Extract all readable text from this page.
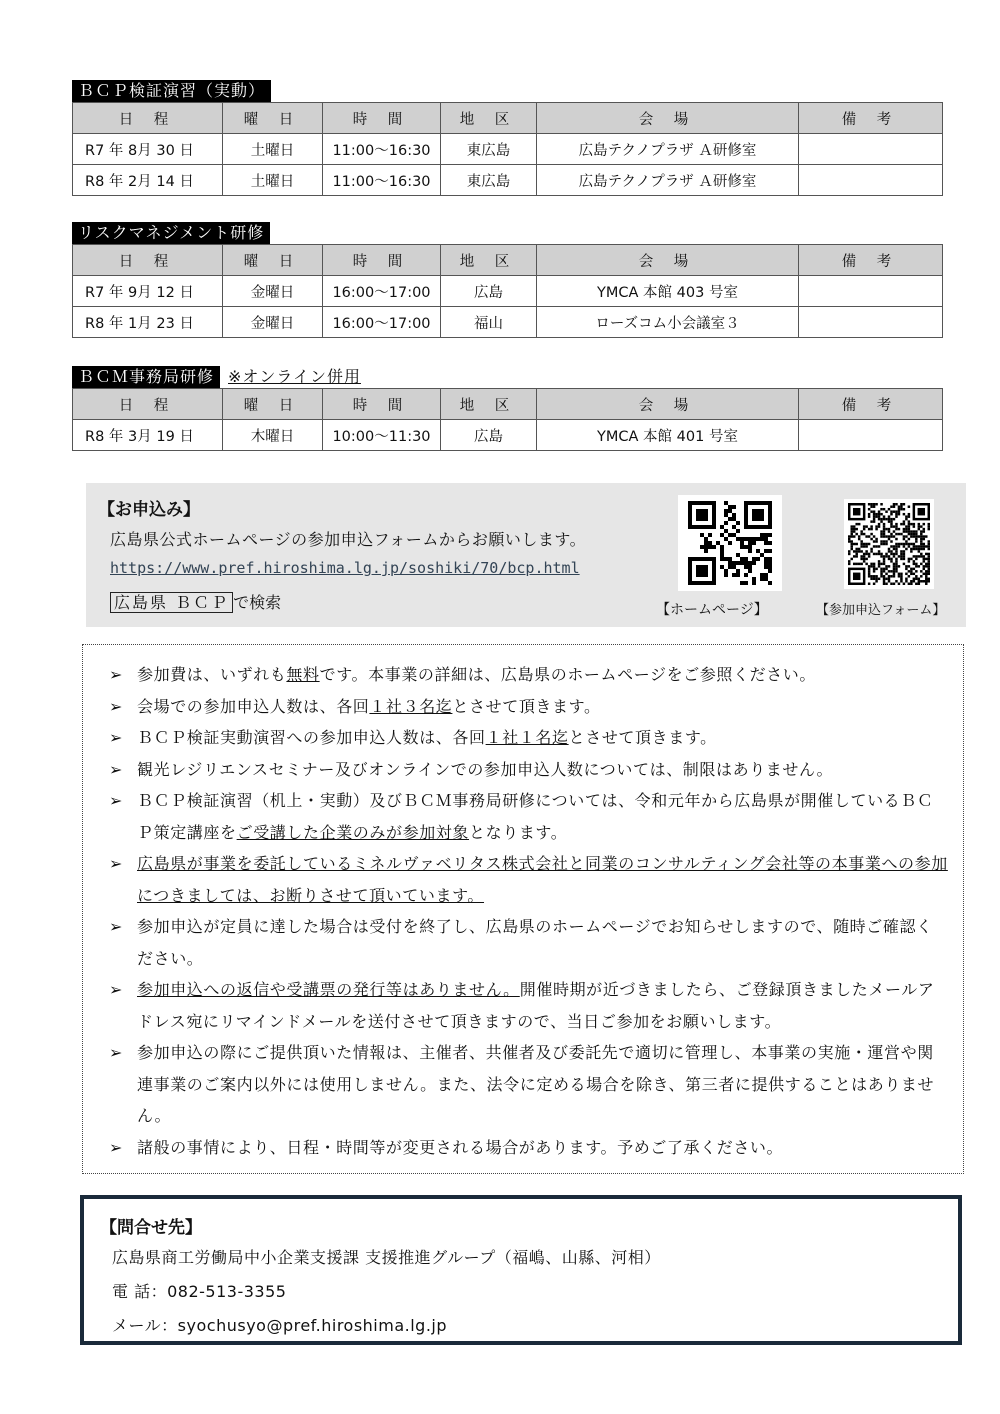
ＢＣＰ検証演習（実動）
日 程	曜 日	時 間	地 区	会 場	備 考
R7 年 8月 30 日	土曜日	11:00～16:30	東広島	広島テクノプラザ Ａ研修室	
R8 年 2月 14 日	土曜日	11:00～16:30	東広島	広島テクノプラザ Ａ研修室	
リスクマネジメント研修
日 程	曜 日	時 間	地 区	会 場	備 考
R7 年 9月 12 日	金曜日	16:00～17:00	広島	YMCA 本館 403 号室	
R8 年 1月 23 日	金曜日	16:00～17:00	福山	ローズコム小会議室３	
ＢＣＭ事務局研修 ※オンライン併用
日 程	曜 日	時 間	地 区	会 場	備 考
R8 年 3月 19 日	木曜日	10:00～11:30	広島	YMCA 本館 401 号室	
【お申込み】
広島県公式ホームページの参加申込フォームからお願いします。
https://www.pref.hiroshima.lg.jp/soshiki/70/bcp.html
広島県 ＢＣＰ で検索	【ホームページ】	【参加申込フォーム】
➢ 参加費は、いずれも無料です。本事業の詳細は、広島県のホームページをご参照ください。
➢ 会場での参加申込人数は、各回１社３名迄とさせて頂きます。
➢ ＢＣＰ検証実動演習への参加申込人数は、各回１社１名迄とさせて頂きます。
➢ 観光レジリエンスセミナー及びオンラインでの参加申込人数については、制限はありません。
➢ ＢＣＰ検証演習（机上・実動）及びＢＣＭ事務局研修については、令和元年から広島県が開催しているＢＣＰ策定講座をご受講した企業のみが参加対象となります。
➢ 広島県が事業を委託しているミネルヴァベリタス株式会社と同業のコンサルティング会社等の本事業への参加につきましては、お断りさせて頂いています。
➢ 参加申込が定員に達した場合は受付を終了し、広島県のホームページでお知らせしますので、随時ご確認ください。
➢ 参加申込への返信や受講票の発行等はありません。開催時期が近づきましたら、ご登録頂きましたメールアドレス宛にリマインドメールを送付させて頂きますので、当日ご参加をお願いします。
➢ 参加申込の際にご提供頂いた情報は、主催者、共催者及び委託先で適切に管理し、本事業の実施・運営や関連事業のご案内以外には使用しません。また、法令に定める場合を除き、第三者に提供することはありません。
➢ 諸般の事情により、日程・時間等が変更される場合があります。予めご了承ください。
【問合せ先】
広島県商工労働局中小企業支援課 支援推進グループ（福嶋、山縣、河相）
電 話：082-513-3355
メール：syochusyo@pref.hiroshima.lg.jp
